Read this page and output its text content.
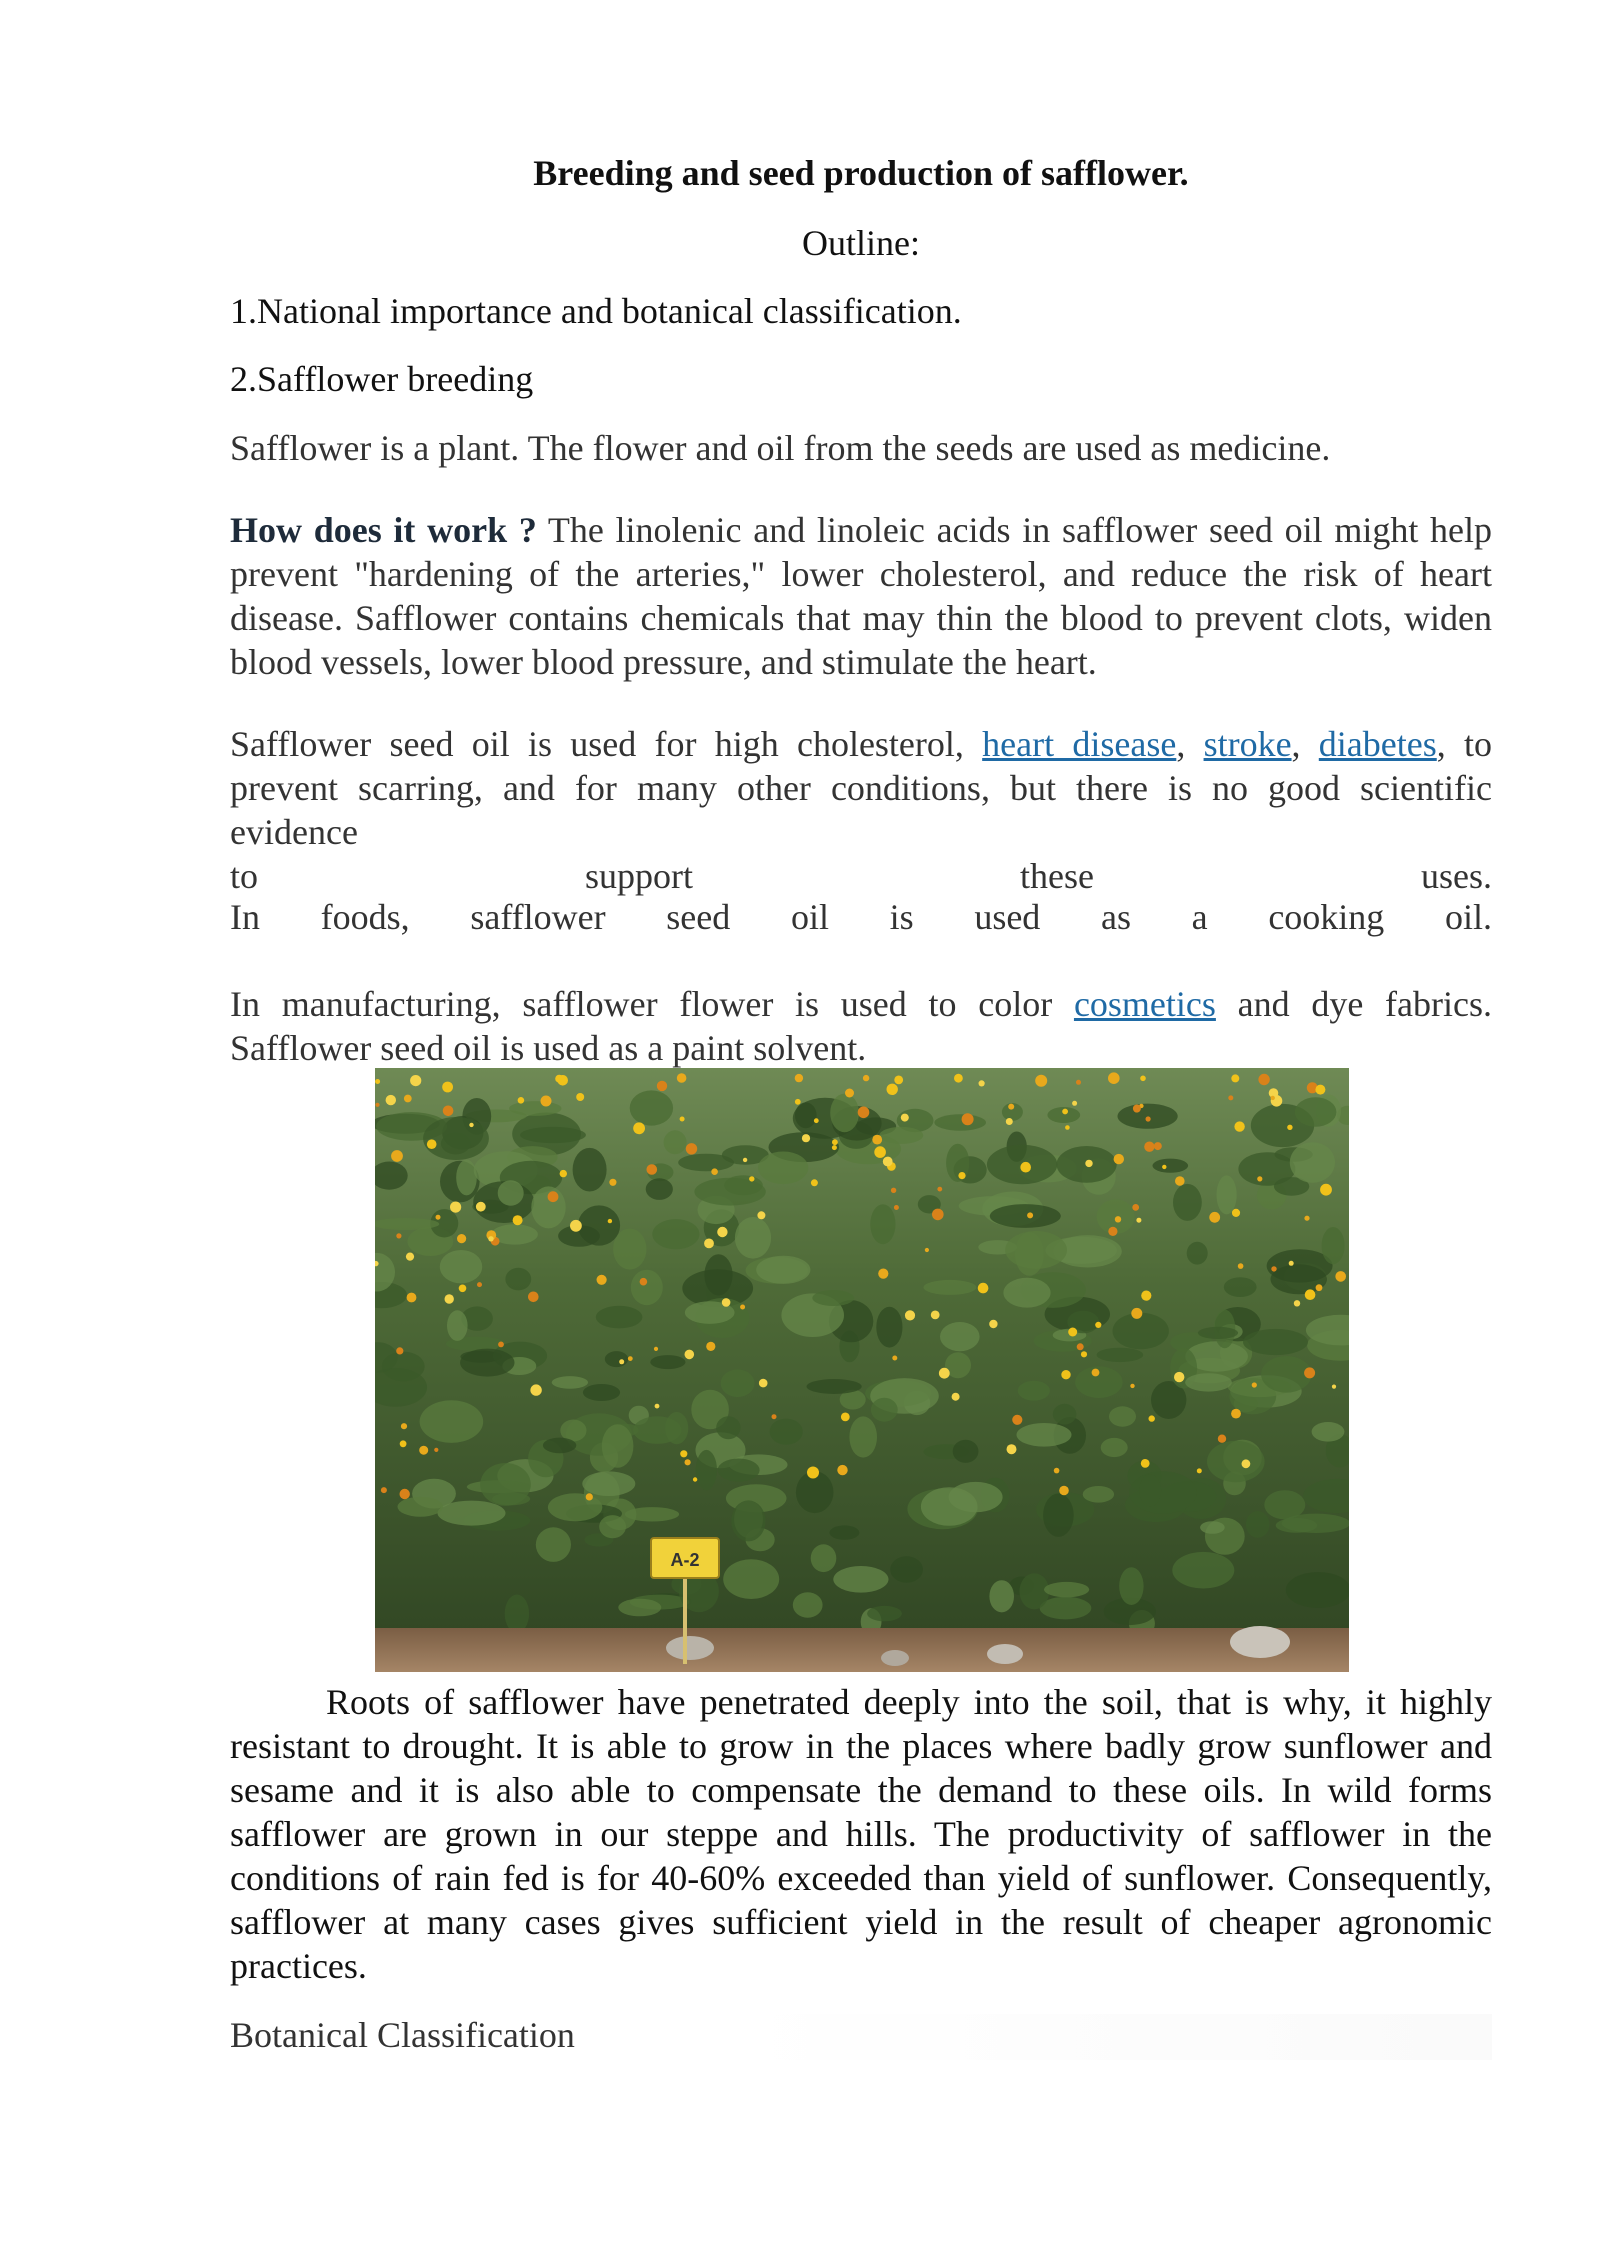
Breeding and seed production of safflower.
Outline:
1.National importance and botanical classification.
2.Safflower breeding
Safflower is a plant. The flower and oil from the seeds are used as medicine.
How does it work ? The linolenic and linoleic acids in safflower seed oil might help prevent "hardening of the arteries," lower cholesterol, and reduce the risk of heart disease. Safflower contains chemicals that may thin the blood to prevent clots, widen blood vessels, lower blood pressure, and stimulate the heart.
Safflower seed oil is used for high cholesterol, heart disease, stroke, diabetes, to prevent scarring, and for many other conditions, but there is no good scientific evidence
to	support	these	uses.
In foods, safflower seed oil is used as a cooking oil.
In manufacturing, safflower flower is used to color cosmetics and dye fabrics. Safflower seed oil is used as a paint solvent.
A-2
Roots of safflower have penetrated deeply into the soil, that is why, it highly resistant to drought. It is able to grow in the places where badly grow sunflower and sesame and it is also able to compensate the demand to these oils. In wild forms safflower are grown in our steppe and hills. The productivity of safflower in the conditions of rain fed is for 40-60% exceeded than yield of sunflower. Consequently, safflower at many cases gives sufficient yield in the result of cheaper agronomic practices.
Botanical Classification
